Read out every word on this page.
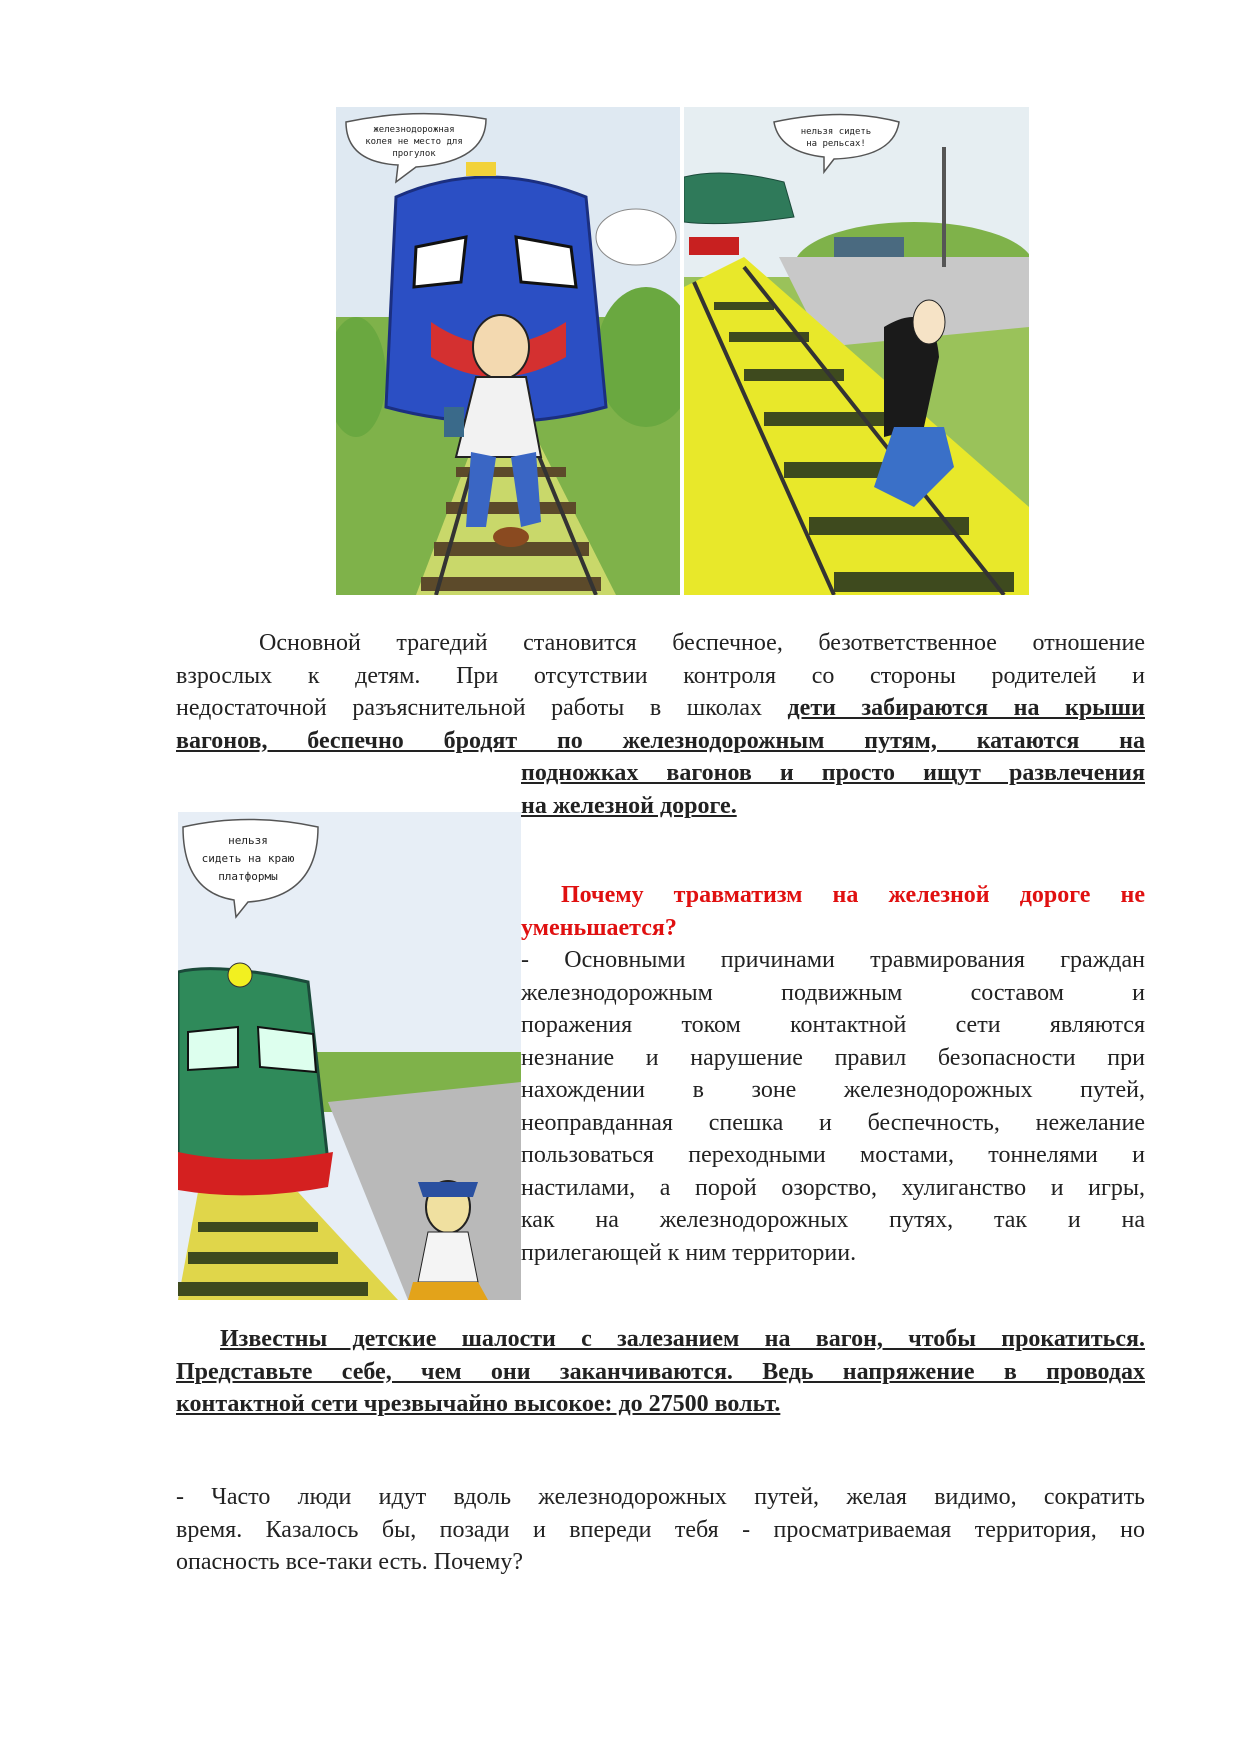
железнодорожная
колея не место для
прогулок
нельзя сидеть
на рельсах!
Основной трагедий становится беспечное, безответственное отношение
взрослых к детям. При отсутствии контроля со стороны родителей и
недостаточной разъяснительной работы в школах дети забираются на крыши
вагонов, беспечно бродят по железнодорожным путям, катаются на
подножках вагонов и просто ищут развлечения
на железной дороге.
нельзя
сидеть на краю
платформы
Почему травматизм на железной дороге не
уменьшается?
- Основными причинами травмирования граждан
железнодорожным подвижным составом и
поражения током контактной сети являются
незнание и нарушение правил безопасности при
нахождении в зоне железнодорожных путей,
неоправданная спешка и беспечность, нежелание
пользоваться переходными мостами, тоннелями и
настилами, а порой озорство, хулиганство и игры,
как на железнодорожных путях, так и на
прилегающей к ним территории.
Известны детские шалости с залезанием на вагон, чтобы прокатиться.
Представьте себе, чем они заканчиваются. Ведь напряжение в проводах
контактной сети чрезвычайно высокое: до 27500 вольт.
- Часто люди идут вдоль железнодорожных путей, желая видимо, сократить
время. Казалось бы, позади и впереди тебя - просматриваемая территория, но
опасность все-таки есть. Почему?
